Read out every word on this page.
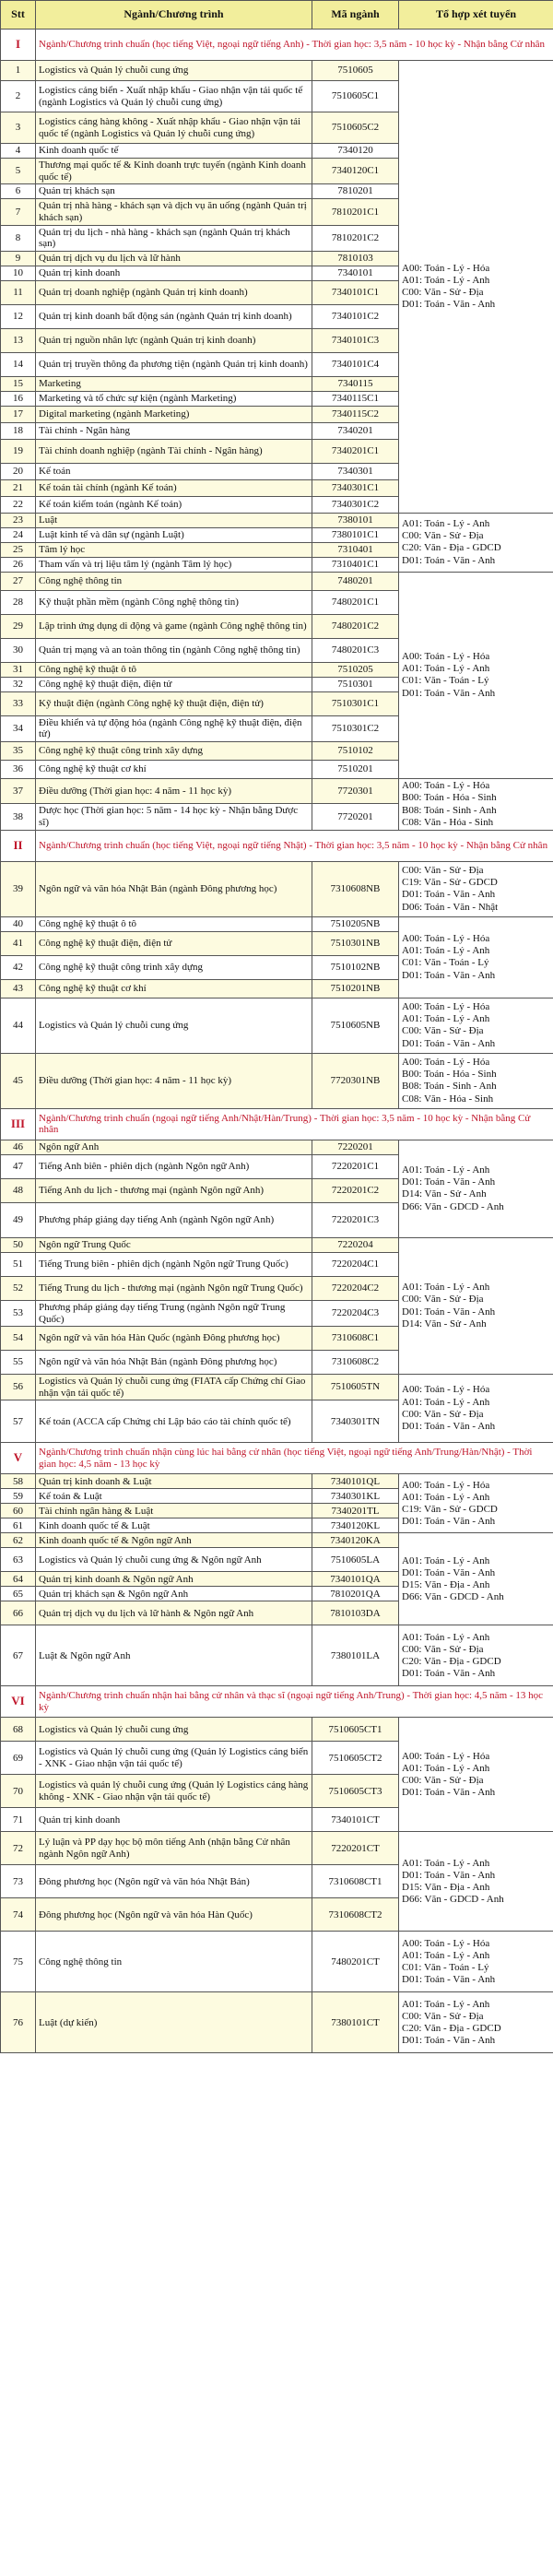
Stt	Ngành/Chương trình	Mã ngành	Tổ hợp xét tuyển
I	Ngành/Chương trình chuẩn (học tiếng Việt, ngoại ngữ tiếng Anh) - Thời gian học: 3,5 năm - 10 học kỳ - Nhận bằng Cử nhân		
1	Logistics và Quản lý chuỗi cung ứng	7510605	A00: Toán - Lý - Hóa
A01: Toán - Lý - Anh
C00: Văn - Sử - Địa
D01: Toán - Văn - Anh
2	Logistics cảng biển - Xuất nhập khẩu - Giao nhận vận tải quốc tế (ngành Logistics và Quản lý chuỗi cung ứng)	7510605C1	
3	Logistics cảng hàng không - Xuất nhập khẩu - Giao nhận vận tải quốc tế (ngành Logistics và Quản lý chuỗi cung ứng)	7510605C2	
4	Kinh doanh quốc tế	7340120	
5	Thương mại quốc tế & Kinh doanh trực tuyến (ngành Kinh doanh quốc tế)	7340120C1	
6	Quản trị khách sạn	7810201	
7	Quản trị nhà hàng - khách sạn và dịch vụ ăn uống (ngành Quản trị khách sạn)	7810201C1	
8	Quản trị du lịch - nhà hàng - khách sạn (ngành Quản trị khách sạn)	7810201C2	
9	Quản trị dịch vụ du lịch và lữ hành	7810103	
10	Quản trị kinh doanh	7340101	
11	Quản trị doanh nghiệp (ngành Quản trị kinh doanh)	7340101C1	
12	Quản trị kinh doanh bất động sản (ngành Quản trị kinh doanh)	7340101C2	
13	Quản trị nguồn nhân lực (ngành Quản trị kinh doanh)	7340101C3	
14	Quản trị truyền thông đa phương tiện (ngành Quản trị kinh doanh)	7340101C4	
15	Marketing	7340115	
16	Marketing và tổ chức sự kiện (ngành Marketing)	7340115C1	
17	Digital marketing (ngành Marketing)	7340115C2	
18	Tài chính - Ngân hàng	7340201	
19	Tài chính doanh nghiệp (ngành Tài chính - Ngân hàng)	7340201C1	
20	Kế toán	7340301	
21	Kế toán tài chính (ngành Kế toán)	7340301C1	
22	Kế toán kiểm toán (ngành Kế toán)	7340301C2	
23	Luật	7380101	A01: Toán - Lý - Anh
C00: Văn - Sử - Địa
C20: Văn - Địa - GDCD
D01: Toán - Văn - Anh
24	Luật kinh tế và dân sự (ngành Luật)	7380101C1	
25	Tâm lý học	7310401	
26	Tham vấn và trị liệu tâm lý (ngành Tâm lý học)	7310401C1	
27	Công nghệ thông tin	7480201	A00: Toán - Lý - Hóa
A01: Toán - Lý - Anh
C01: Văn - Toán - Lý
D01: Toán - Văn - Anh
28	Kỹ thuật phần mềm (ngành Công nghệ thông tin)	7480201C1	
29	Lập trình ứng dụng di động và game (ngành Công nghệ thông tin)	7480201C2	
30	Quản trị mạng và an toàn thông tin (ngành Công nghệ thông tin)	7480201C3	
31	Công nghệ kỹ thuật ô tô	7510205	
32	Công nghệ kỹ thuật điện, điện tử	7510301	
33	Kỹ thuật điện (ngành Công nghệ kỹ thuật điện, điện tử)	7510301C1	
34	Điều khiển và tự động hóa (ngành Công nghệ kỹ thuật điện, điện tử)	7510301C2	
35	Công nghệ kỹ thuật công trình xây dựng	7510102	
36	Công nghệ kỹ thuật cơ khí	7510201	
37	Điều dưỡng (Thời gian học: 4 năm - 11 học kỳ)	7720301	A00: Toán - Lý - Hóa
B00: Toán - Hóa - Sinh
B08: Toán - Sinh - Anh
C08: Văn - Hóa - Sinh
38	Dược học (Thời gian học: 5 năm - 14 học kỳ - Nhận bằng Dược sĩ)	7720201	
II	Ngành/Chương trình chuẩn (học tiếng Việt, ngoại ngữ tiếng Nhật) - Thời gian học: 3,5 năm - 10 học kỳ - Nhận bằng Cử nhân		
39	Ngôn ngữ và văn hóa Nhật Bản (ngành Đông phương học)	7310608NB	C00: Văn - Sử - Địa
C19: Văn - Sử - GDCD
D01: Toán - Văn - Anh
D06: Toán - Văn - Nhật
40	Công nghệ kỹ thuật ô tô	7510205NB	A00: Toán - Lý - Hóa
A01: Toán - Lý - Anh
C01: Văn - Toán - Lý
D01: Toán - Văn - Anh
41	Công nghệ kỹ thuật điện, điện tử	7510301NB	
42	Công nghệ kỹ thuật công trình xây dựng	7510102NB	
43	Công nghệ kỹ thuật cơ khí	7510201NB	
44	Logistics và Quản lý chuỗi cung ứng	7510605NB	A00: Toán - Lý - Hóa
A01: Toán - Lý - Anh
C00: Văn - Sử - Địa
D01: Toán - Văn - Anh
45	Điều dưỡng (Thời gian học: 4 năm - 11 học kỳ)	7720301NB	A00: Toán - Lý - Hóa
B00: Toán - Hóa - Sinh
B08: Toán - Sinh - Anh
C08: Văn - Hóa - Sinh
III	Ngành/Chương trình chuẩn (ngoại ngữ tiếng Anh/Nhật/Hàn/Trung) - Thời gian học: 3,5 năm - 10 học kỳ - Nhận bằng Cử nhân		
46	Ngôn ngữ Anh	7220201	A01: Toán - Lý - Anh
D01: Toán - Văn - Anh
D14: Văn - Sử - Anh
D66: Văn - GDCD - Anh
47	Tiếng Anh biên - phiên dịch (ngành Ngôn ngữ Anh)	7220201C1	
48	Tiếng Anh du lịch - thương mại (ngành Ngôn ngữ Anh)	7220201C2	
49	Phương pháp giảng dạy tiếng Anh (ngành Ngôn ngữ Anh)	7220201C3	
50	Ngôn ngữ Trung Quốc	7220204	A01: Toán - Lý - Anh
C00: Văn - Sử - Địa
D01: Toán - Văn - Anh
D14: Văn - Sử - Anh
51	Tiếng Trung biên - phiên dịch (ngành Ngôn ngữ Trung Quốc)	7220204C1	
52	Tiếng Trung du lịch - thương mại (ngành Ngôn ngữ Trung Quốc)	7220204C2	
53	Phương pháp giảng dạy tiếng Trung (ngành Ngôn ngữ Trung Quốc)	7220204C3	
54	Ngôn ngữ và văn hóa Hàn Quốc (ngành Đông phương học)	7310608C1	
55	Ngôn ngữ và văn hóa Nhật Bản (ngành Đông phương học)	7310608C2	
56	Logistics và Quản lý chuỗi cung ứng (FIATA cấp Chứng chỉ Giao nhận vận tải quốc tế)	7510605TN	A00: Toán - Lý - Hóa
A01: Toán - Lý - Anh
C00: Văn - Sử - Địa
D01: Toán - Văn - Anh
57	Kế toán (ACCA cấp Chứng chỉ Lập báo cáo tài chính quốc tế)	7340301TN	
V	Ngành/Chương trình chuẩn nhận cùng lúc hai bằng cử nhân (học tiếng Việt, ngoại ngữ tiếng Anh/Trung/Hàn/Nhật) - Thời gian học: 4,5 năm - 13 học kỳ		
58	Quản trị kinh doanh & Luật	7340101QL	A00: Toán - Lý - Hóa
A01: Toán - Lý - Anh
C19: Văn - Sử - GDCD
D01: Toán - Văn - Anh
59	Kế toán & Luật	7340301KL	
60	Tài chính ngân hàng & Luật	7340201TL	
61	Kinh doanh quốc tế & Luật	7340120KL	
62	Kinh doanh quốc tế & Ngôn ngữ Anh	7340120KA	A01: Toán - Lý - Anh
D01: Toán - Văn - Anh
D15: Văn - Địa - Anh
D66: Văn - GDCD - Anh
63	Logistics và Quản lý chuỗi cung ứng & Ngôn ngữ Anh	7510605LA	
64	Quản trị kinh doanh & Ngôn ngữ Anh	7340101QA	
65	Quản trị khách sạn & Ngôn ngữ Anh	7810201QA	
66	Quản trị dịch vụ du lịch và lữ hành & Ngôn ngữ Anh	7810103DA	
67	Luật & Ngôn ngữ Anh	7380101LA	A01: Toán - Lý - Anh
C00: Văn - Sử - Địa
C20: Văn - Địa - GDCD
D01: Toán - Văn - Anh
VI	Ngành/Chương trình chuẩn nhận hai bằng cử nhân và thạc sĩ (ngoại ngữ tiếng Anh/Trung) - Thời gian học: 4,5 năm - 13 học kỳ		
68	Logistics và Quản lý chuỗi cung ứng	7510605CT1	A00: Toán - Lý - Hóa
A01: Toán - Lý - Anh
C00: Văn - Sử - Địa
D01: Toán - Văn - Anh
69	Logistics và Quản lý chuỗi cung ứng (Quản lý Logistics cảng biển - XNK - Giao nhận vận tải quốc tế)	7510605CT2	
70	Logistics và quản lý chuỗi cung ứng (Quản lý Logistics cảng hàng không - XNK - Giao nhận vận tải quốc tế)	7510605CT3	
71	Quản trị kinh doanh	7340101CT	
72	Lý luận và PP dạy học bộ môn tiếng Anh (nhận bằng Cử nhân ngành Ngôn ngữ Anh)	7220201CT	A01: Toán - Lý - Anh
D01: Toán - Văn - Anh
D15: Văn - Địa - Anh
D66: Văn - GDCD - Anh
73	Đông phương học (Ngôn ngữ và văn hóa Nhật Bản)	7310608CT1	
74	Đông phương học (Ngôn ngữ và văn hóa Hàn Quốc)	7310608CT2	
75	Công nghệ thông tin	7480201CT	A00: Toán - Lý - Hóa
A01: Toán - Lý - Anh
C01: Văn - Toán - Lý
D01: Toán - Văn - Anh
76	Luật (dự kiến)	7380101CT	A01: Toán - Lý - Anh
C00: Văn - Sử - Địa
C20: Văn - Địa - GDCD
D01: Toán - Văn - Anh
